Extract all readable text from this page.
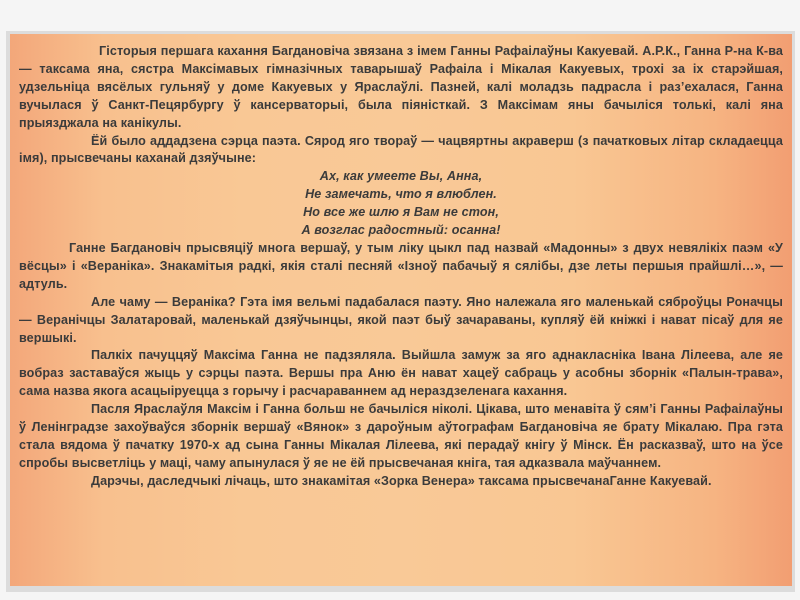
Гісторыя першага кахання Багдановіча звязана з імем Ганны Рафаілаўны Какуевай. А.Р.К., Ганна Р-на К-ва — таксама яна, сястра Максімавых гімназічных таварышаў Рафаіла і Мікалая Какуевых, трохі за іх старэйшая, удзельніца вясёлых гульняў у доме Какуевых у Яраслаўлі. Пазней, калі моладзь падрасла і раз’ехалася, Ганна вучылася ў Санкт-Пецярбургу ў кансерваторыі, была піяністкай. З Максімам яны бачыліся толькі, калі яна прыязджала на канікулы.

Ёй было аддадзена сэрца паэта. Сярод яго твораў — чацвяртны акраверш (з пачатковых літар складаецца імя), прысвечаны каханай дзяўчыне:

Ах, как умеете Вы, Анна,
Не замечать, что я влюблен.
Но все же шлю я Вам не стон,
А возглас радостный: осанна!

Ганне Багдановіч прысвяціў многа вершаў, у тым ліку цыкл пад назвай «Мадонны» з двух невялікіх паэм «У вёсцы» і «Вераніка». Знакамітыя радкі, якія сталі песняй «Ізноў пабачыў я сялібы, дзе леты першыя прайшлі…», — адтуль.

Але чаму — Вераніка? Гэта імя вельмі падабалася паэту. Яно належала яго маленькай сяброўцы Роначцы — Веранічцы Залатаровай, маленькай дзяўчынцы, якой паэт быў зачараваны, купляў ёй кніжкі і нават пісаў для яе вершыкі.

Палкіх пачуццяў Максіма Ганна не падзяляла. Выйшла замуж за яго аднакласніка Івана Лілеева, але яе вобраз заставаўся жыць у сэрцы паэта. Вершы пра Аню ён нават хацеў сабраць у асобны зборнік «Палын-трава», сама назва якога асацыіруецца з горычу і расчараваннем ад нераздзеленага кахання.

Пасля Яраслаўля Максім і Ганна больш не бачыліся ніколі. Цікава, што менавіта ў сям’і Ганны Рафаілаўны ў Ленінградзе захоўваўся зборнік вершаў «Вянок» з дароўным аўтографам Багдановіча яе брату Мікалаю. Пра гэта стала вядома ў пачатку 1970-х ад сына Ганны Мікалая Лілеева, які перадаў кнігу ў Мінск. Ён расказваў, што на ўсе спробы высветліць у маці, чаму апынулася ў яе не ёй прысвечаная кніга, тая адказвала маўчаннем.

Дарэчы, даследчыкі лічаць, што знакамітая «Зорка Венера» таксама прысвечанаГанне Какуевай.
